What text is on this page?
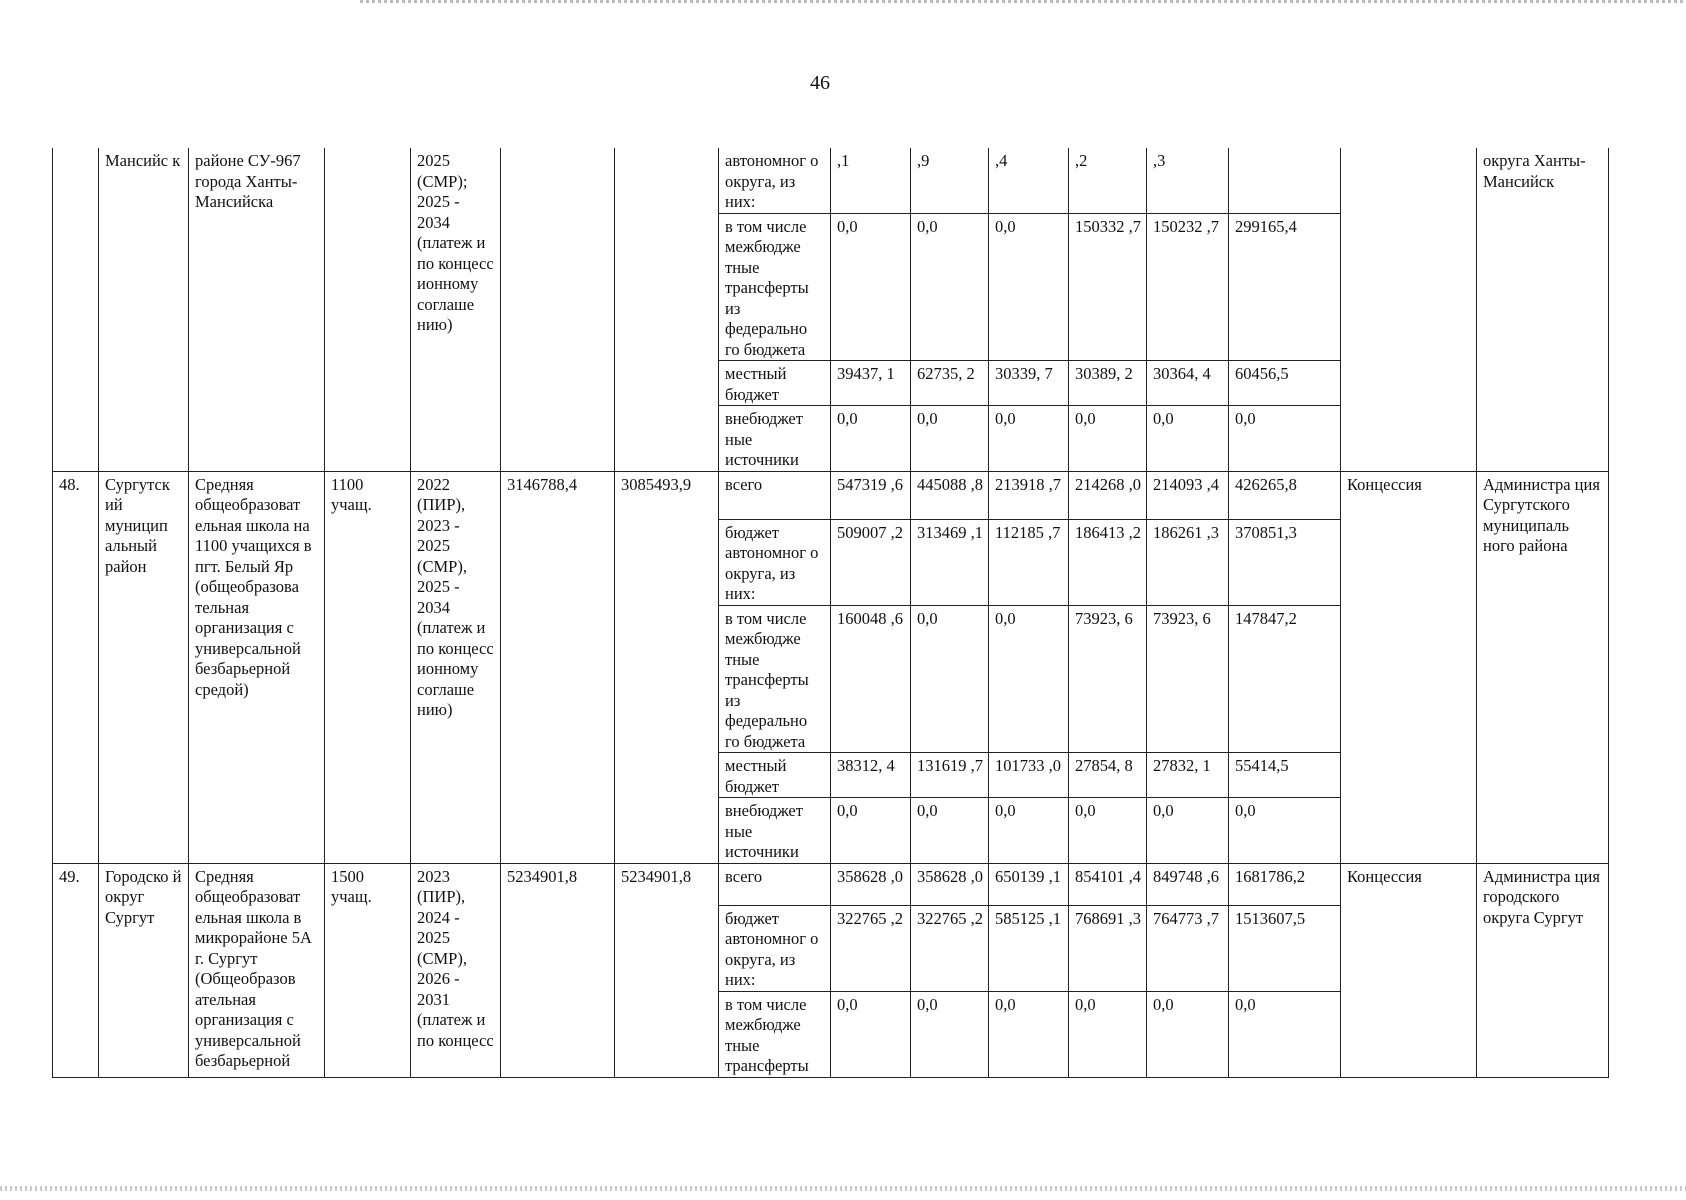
46
	Мансийс к	районе СУ-967 города Ханты-Мансийска		2025 (СМР); 2025 - 2034 (платеж и по концесс ионному соглаше нию)			автономног о округа, из них:	,1	,9	,4	,2	,3			округа Ханты-Мансийск
							в том числе межбюдже тные трансферты из федерально го бюджета	0,0	0,0	0,0	150332 ,7	150232 ,7	299165,4		
							местный бюджет	39437, 1	62735, 2	30339, 7	30389, 2	30364, 4	60456,5		
							внебюджет ные источники	0,0	0,0	0,0	0,0	0,0	0,0		
48.	Сургутск ий муницип альный район	Средняя общеобразоват ельная школа на 1100 учащихся в пгт. Белый Яр (общеобразова тельная организация с универсальной безбарьерной средой)	1100 учащ.	2022 (ПИР), 2023 - 2025 (СМР), 2025 - 2034 (платеж и по концесс ионному соглаше нию)	3146788,4	3085493,9	всего	547319 ,6	445088 ,8	213918 ,7	214268 ,0	214093 ,4	426265,8	Концессия	Администра ция Сургутского муниципаль ного района
							бюджет автономног о округа, из них:	509007 ,2	313469 ,1	112185 ,7	186413 ,2	186261 ,3	370851,3		
							в том числе межбюдже тные трансферты из федерально го бюджета	160048 ,6	0,0	0,0	73923, 6	73923, 6	147847,2		
							местный бюджет	38312, 4	131619 ,7	101733 ,0	27854, 8	27832, 1	55414,5		
							внебюджет ные источники	0,0	0,0	0,0	0,0	0,0	0,0		
49.	Городско й округ Сургут	Средняя общеобразоват ельная школа в микрорайоне 5А г. Сургут (Общеобразов ательная организация с универсальной безбарьерной	1500 учащ.	2023 (ПИР), 2024 - 2025 (СМР), 2026 - 2031 (платеж и по концесс	5234901,8	5234901,8	всего	358628 ,0	358628 ,0	650139 ,1	854101 ,4	849748 ,6	1681786,2	Концессия	Администра ция городского округа Сургут
							бюджет автономног о округа, из них:	322765 ,2	322765 ,2	585125 ,1	768691 ,3	764773 ,7	1513607,5		
							в том числе межбюдже тные трансферты	0,0	0,0	0,0	0,0	0,0	0,0		
